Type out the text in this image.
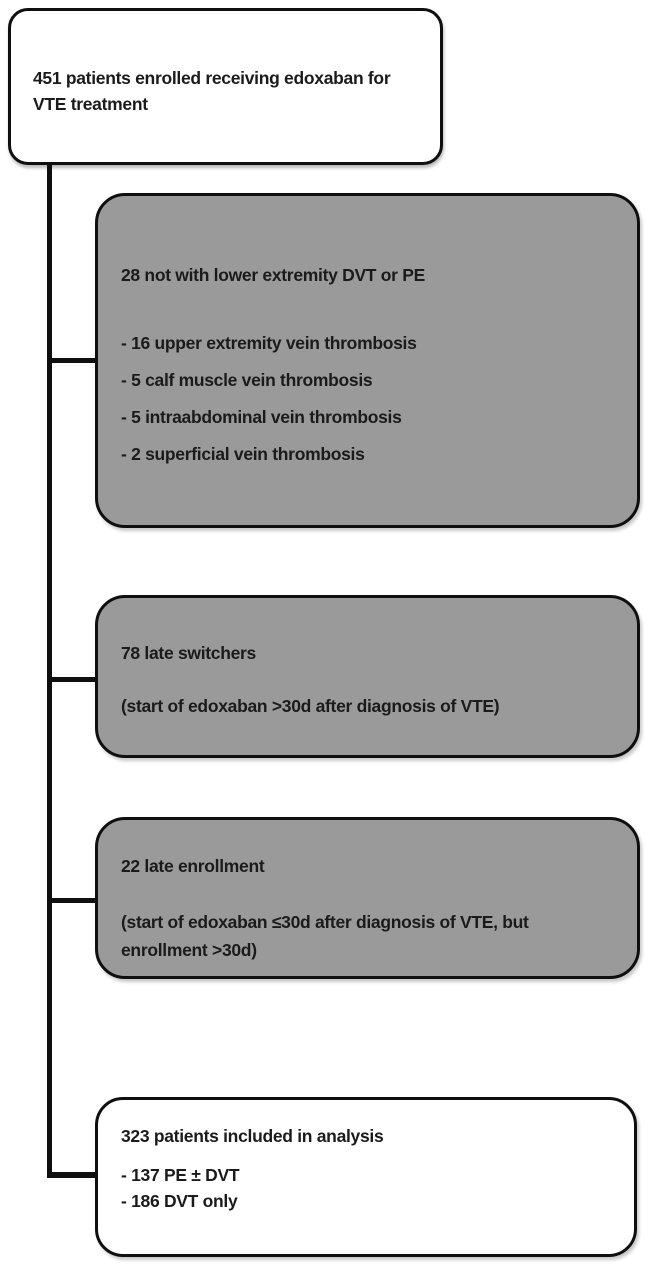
451 patients enrolled receiving edoxaban for
VTE treatment
28 not with lower extremity DVT or PE
- 16 upper extremity vein thrombosis
- 5 calf muscle vein thrombosis
- 5 intraabdominal vein thrombosis
- 2 superficial vein thrombosis
78 late switchers
(start of edoxaban >30d after diagnosis of VTE)
22 late enrollment
(start of edoxaban ≤30d after diagnosis of VTE, but
enrollment >30d)
323 patients included in analysis
- 137 PE ± DVT
- 186 DVT only
